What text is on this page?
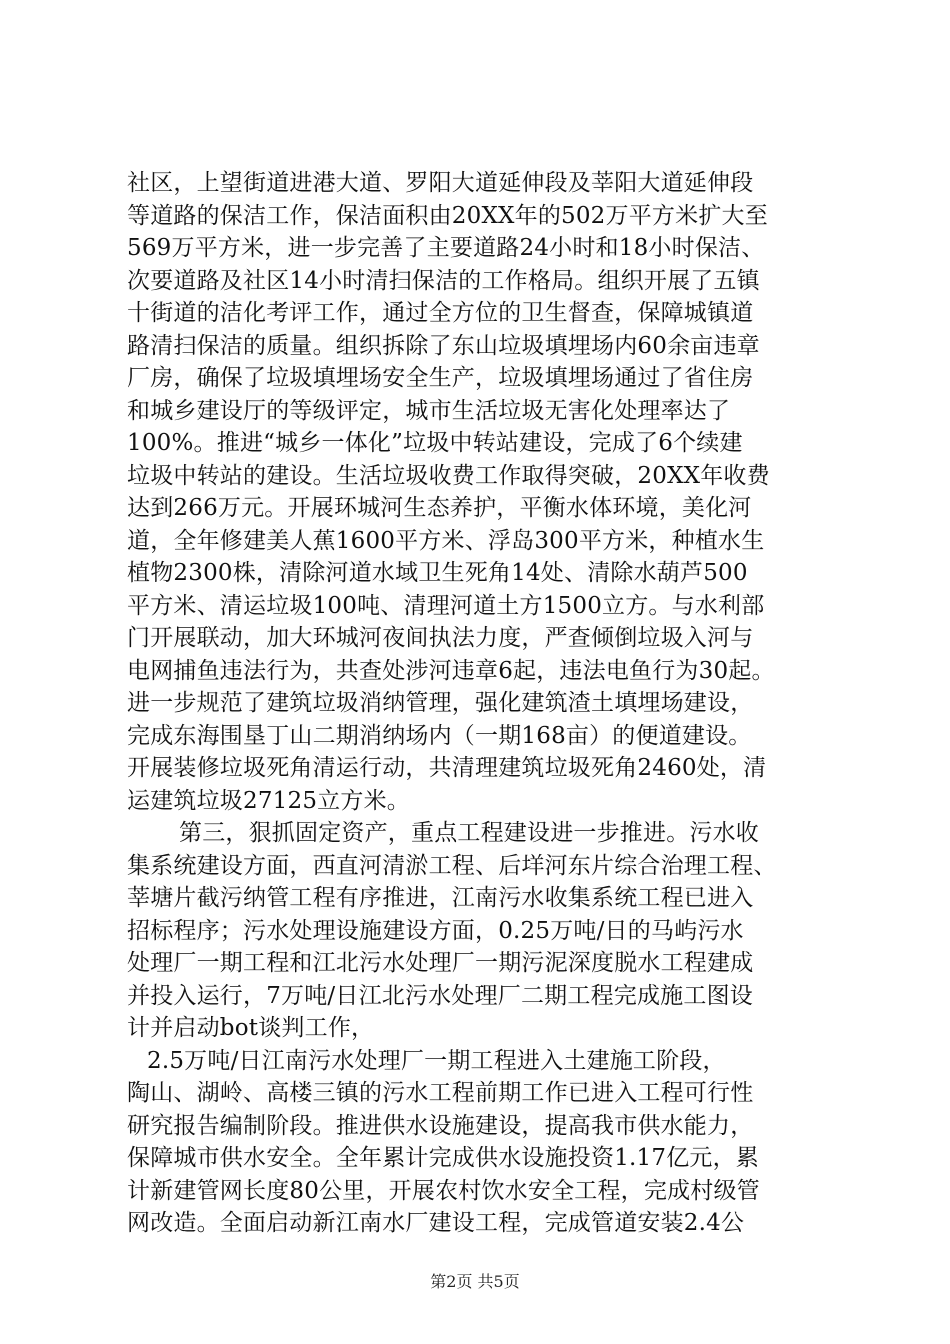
社区，上望街道进港大道、罗阳大道延伸段及莘阳大道延伸段
等道路的保洁工作，保洁面积由20XX年的502万平方米扩大至
569万平方米，进一步完善了主要道路24小时和18小时保洁、
次要道路及社区14小时清扫保洁的工作格局。组织开展了五镇
十街道的洁化考评工作，通过全方位的卫生督查，保障城镇道
路清扫保洁的质量。组织拆除了东山垃圾填埋场内60余亩违章
厂房，确保了垃圾填埋场安全生产，垃圾填埋场通过了省住房
和城乡建设厅的等级评定，城市生活垃圾无害化处理率达了
100%。推进“城乡一体化”垃圾中转站建设，完成了6个续建
垃圾中转站的建设。生活垃圾收费工作取得突破，20XX年收费
达到266万元。开展环城河生态养护，平衡水体环境，美化河
道，全年修建美人蕉1600平方米、浮岛300平方米，种植水生
植物2300株，清除河道水域卫生死角14处、清除水葫芦500
平方米、清运垃圾100吨、清理河道土方1500立方。与水利部
门开展联动，加大环城河夜间执法力度，严查倾倒垃圾入河与
电网捕鱼违法行为，共查处涉河违章6起，违法电鱼行为30起。
进一步规范了建筑垃圾消纳管理，强化建筑渣土填埋场建设，
完成东海围垦丁山二期消纳场内（一期168亩）的便道建设。
开展装修垃圾死角清运行动，共清理建筑垃圾死角2460处，清
运建筑垃圾27125立方米。
第三，狠抓固定资产，重点工程建设进一步推进。污水收
集系统建设方面，西直河清淤工程、后垟河东片综合治理工程、
莘塘片截污纳管工程有序推进，江南污水收集系统工程已进入
招标程序；污水处理设施建设方面，0.25万吨/日的马屿污水
处理厂一期工程和江北污水处理厂一期污泥深度脱水工程建成
并投入运行，7万吨/日江北污水处理厂二期工程完成施工图设
计并启动bot谈判工作，
2.5万吨/日江南污水处理厂一期工程进入土建施工阶段，
陶山、湖岭、高楼三镇的污水工程前期工作已进入工程可行性
研究报告编制阶段。推进供水设施建设，提高我市供水能力，
保障城市供水安全。全年累计完成供水设施投资1.17亿元，累
计新建管网长度80公里，开展农村饮水安全工程，完成村级管
网改造。全面启动新江南水厂建设工程，完成管道安装2.4公
第2页 共5页
